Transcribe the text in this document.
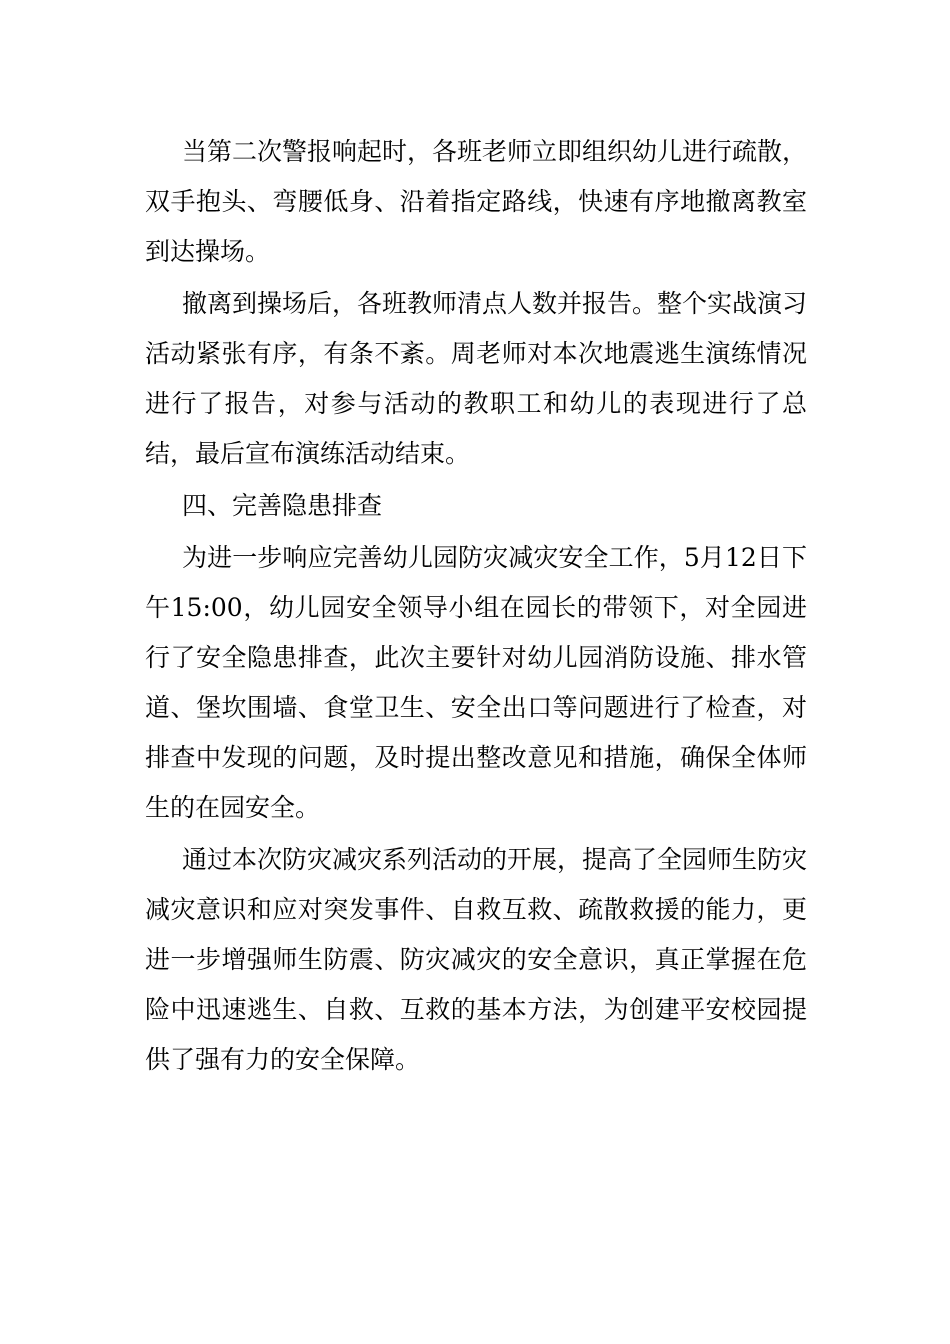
当第二次警报响起时，各班老师立即组织幼儿进行疏散，双手抱头、弯腰低身、沿着指定路线，快速有序地撤离教室到达操场。

撤离到操场后，各班教师清点人数并报告。整个实战演习活动紧张有序，有条不紊。周老师对本次地震逃生演练情况进行了报告，对参与活动的教职工和幼儿的表现进行了总结，最后宣布演练活动结束。

四、完善隐患排查

为进一步响应完善幼儿园防灾减灾安全工作，5月12日下午15:00，幼儿园安全领导小组在园长的带领下，对全园进行了安全隐患排查，此次主要针对幼儿园消防设施、排水管道、堡坎围墙、食堂卫生、安全出口等问题进行了检查，对排查中发现的问题，及时提出整改意见和措施，确保全体师生的在园安全。

通过本次防灾减灾系列活动的开展，提高了全园师生防灾减灾意识和应对突发事件、自救互救、疏散救援的能力，更进一步增强师生防震、防灾减灾的安全意识，真正掌握在危险中迅速逃生、自救、互救的基本方法，为创建平安校园提供了强有力的安全保障。
